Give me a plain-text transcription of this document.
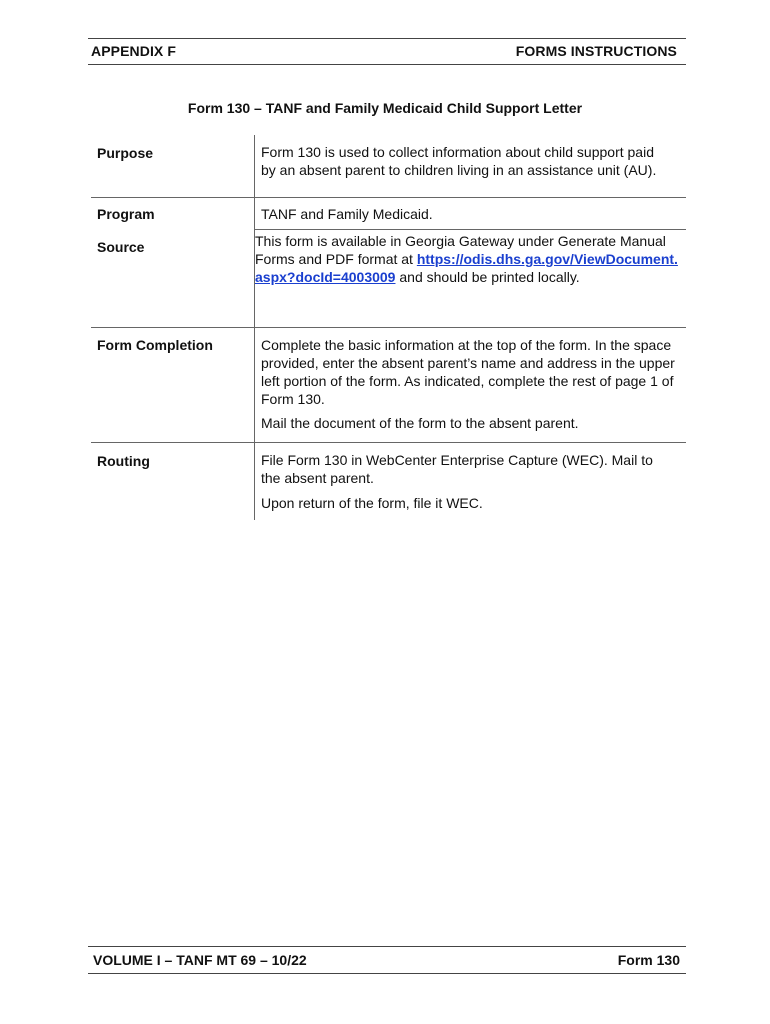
APPENDIX F	FORMS INSTRUCTIONS
Form 130 – TANF and Family Medicaid Child Support Letter
Purpose	Form 130 is used to collect information about child support paid by an absent parent to children living in an assistance unit (AU).

Program	TANF and Family Medicaid.

Source	This form is available in Georgia Gateway under Generate Manual Forms and PDF format at https://odis.dhs.ga.gov/ViewDocument.aspx?docId=4003009 and should be printed locally.

Form Completion	Complete the basic information at the top of the form. In the space provided, enter the absent parent’s name and address in the upper left portion of the form. As indicated, complete the rest of page 1 of Form 130.

Mail the document of the form to the absent parent.

Routing	File Form 130 in WebCenter Enterprise Capture (WEC). Mail to the absent parent.

Upon return of the form, file it WEC.

VOLUME I – TANF MT 69 – 10/22	Form 130
